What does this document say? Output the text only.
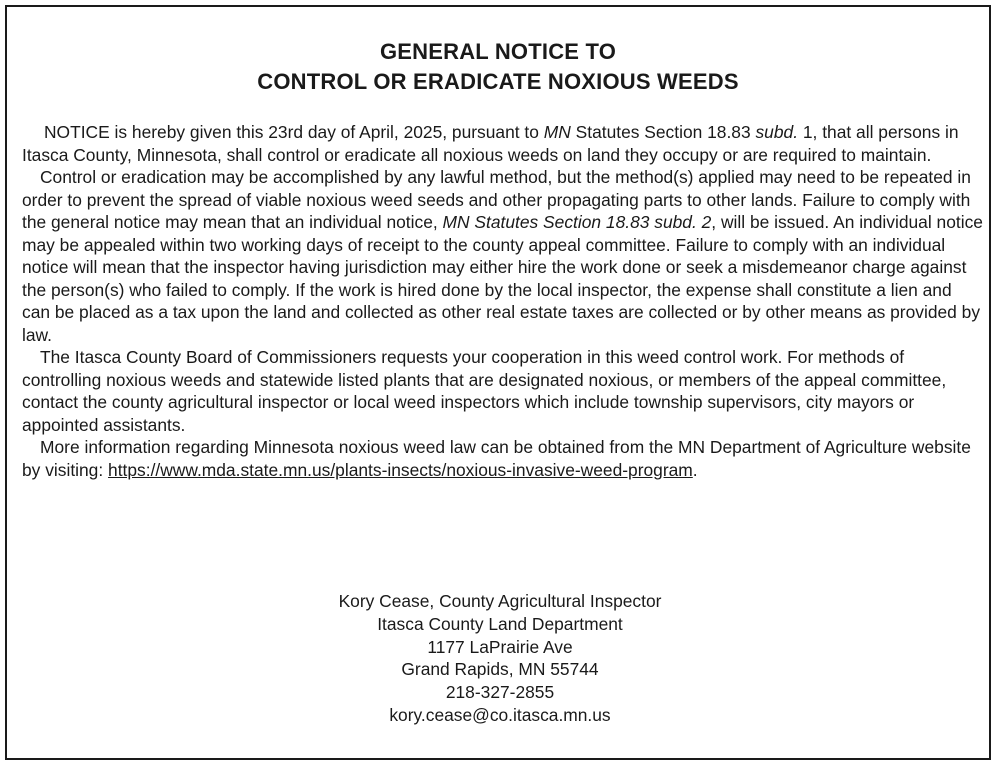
GENERAL NOTICE TO
CONTROL OR ERADICATE NOXIOUS WEEDS

NOTICE is hereby given this 23rd day of April, 2025, pursuant to MN Statutes Section 18.83 subd. 1, that all persons in Itasca County, Minnesota, shall control or eradicate all noxious weeds on land they occupy or are required to maintain.

Control or eradication may be accomplished by any lawful method, but the method(s) applied may need to be repeated in order to prevent the spread of viable noxious weed seeds and other propagating parts to other lands. Failure to comply with the general notice may mean that an individual notice, MN Statutes Section 18.83 subd. 2, will be issued. An individual notice may be appealed within two working days of receipt to the county appeal committee. Failure to comply with an individual notice will mean that the inspector having jurisdiction may either hire the work done or seek a misdemeanor charge against the person(s) who failed to comply. If the work is hired done by the local inspector, the expense shall constitute a lien and can be placed as a tax upon the land and collected as other real estate taxes are collected or by other means as provided by law.

The Itasca County Board of Commissioners requests your cooperation in this weed control work. For methods of controlling noxious weeds and statewide listed plants that are designated noxious, or members of the appeal committee, contact the county agricultural inspector or local weed inspectors which include township supervisors, city mayors or appointed assistants.

More information regarding Minnesota noxious weed law can be obtained from the MN Department of Agriculture website by visiting: https://www.mda.state.mn.us/plants-insects/noxious-invasive-weed-program.

Kory Cease, County Agricultural Inspector
Itasca County Land Department
1177 LaPrairie Ave
Grand Rapids, MN 55744
218-327-2855
kory.cease@co.itasca.mn.us
